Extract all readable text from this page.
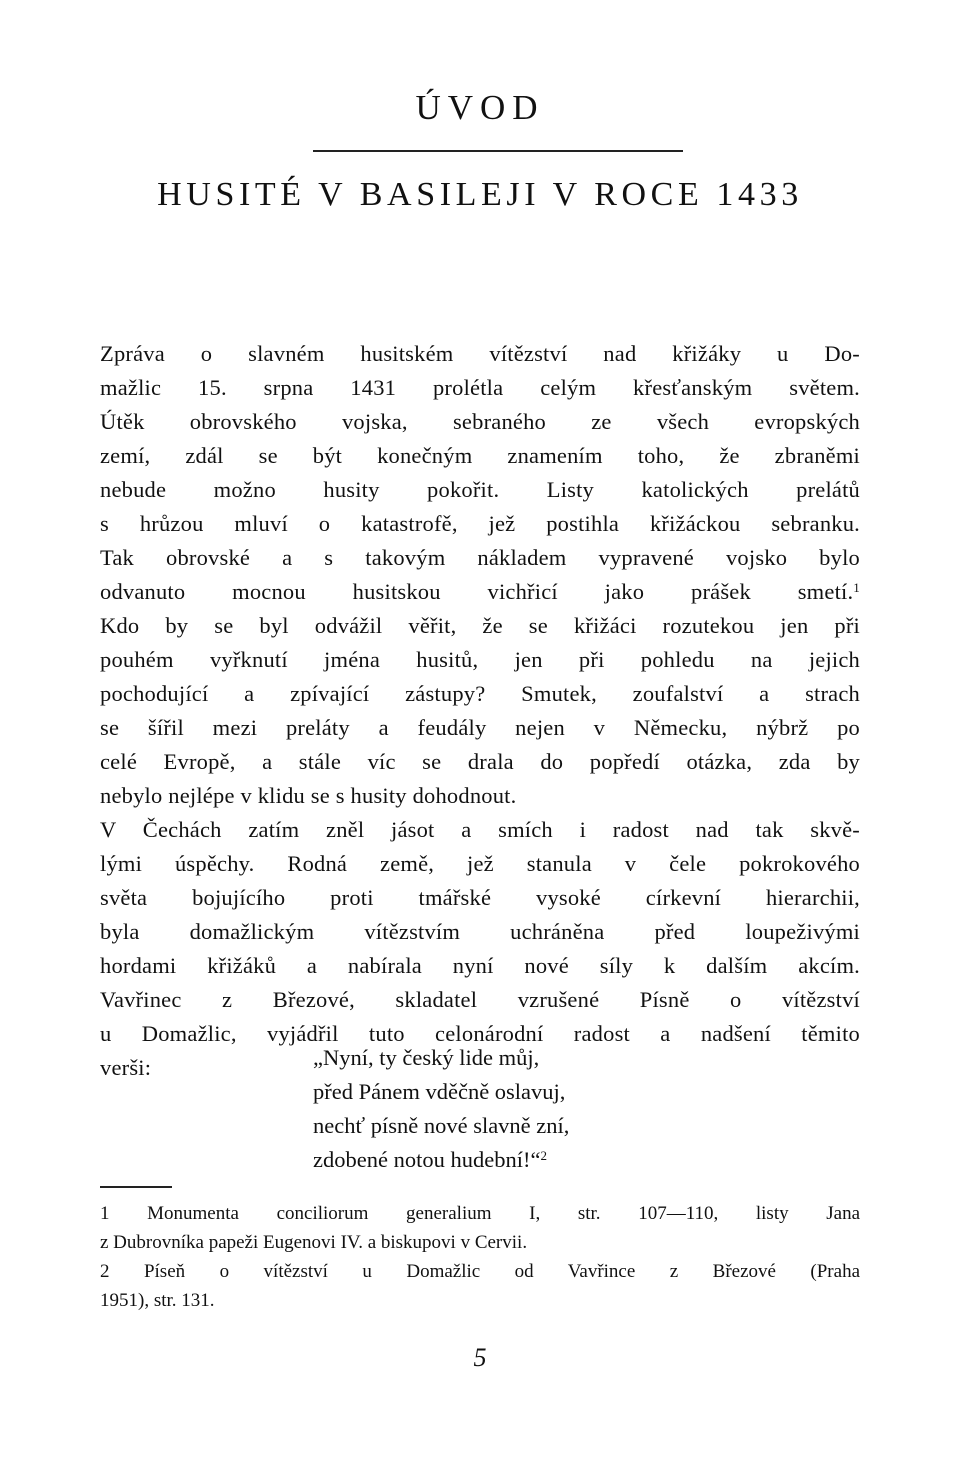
ÚVOD
HUSITÉ V BASILEJI V ROCE 1433
Zpráva o slavném husitském vítězství nad křižáky u Do-
mažlic 15. srpna 1431 prolétla celým křesťanským světem.
Útěk obrovského vojska, sebraného ze všech evropských
zemí, zdál se být konečným znamením toho, že zbraněmi
nebude možno husity pokořit. Listy katolických prelátů
s hrůzou mluví o katastrofě, jež postihla křižáckou sebranku.
Tak obrovské a s takovým nákladem vypravené vojsko bylo
odvanuto mocnou husitskou vichřicí jako prášek smetí.$^1$
Kdo by se byl odvážil věřit, že se křižáci rozutekou jen při
pouhém vyřknutí jména husitů, jen při pohledu na jejich
pochodující a zpívající zástupy? Smutek, zoufalství a strach
se šířil mezi preláty a feudály nejen v Německu, nýbrž po
celé Evropě, a stále víc se drala do popředí otázka, zda by
nebylo nejlépe v klidu se s husity dohodnout.
V Čechách zatím zněl jásot a smích i radost nad tak skvě-
lými úspěchy. Rodná země, jež stanula v čele pokrokového
světa bojujícího proti tmářské vysoké církevní hierarchii,
byla domažlickým vítězstvím uchráněna před loupeživými
hordami křižáků a nabírala nyní nové síly k dalším akcím.
Vavřinec z Březové, skladatel vzrušené Písně o vítězství
u Domažlic, vyjádřil tuto celonárodní radost a nadšení těmito
verši:	„Nyní, ty český lide můj,
před Pánem vděčně oslavuj,
nechť písně nové slavně zní,
zdobené notou hudební!“$^2$
1 Monumenta conciliorum generalium I, str. 107—110, listy Jana
z Dubrovníka papeži Eugenovi IV. a biskupovi v Cervii.
2 Píseň o vítězství u Domažlic od Vavřince z Březové (Praha
1951), str. 131.
5
